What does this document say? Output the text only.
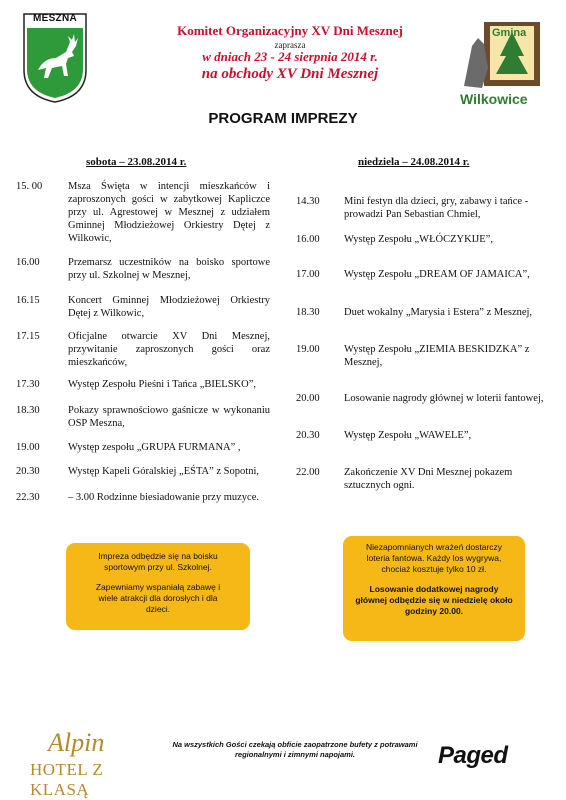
MESZNA
Komitet Organizacyjny XV Dni Mesznej
zaprasza
w dniach 23 - 24 sierpnia 2014 r.
na obchody XV Dni Mesznej
Gmina
Wilkowice
PROGRAM IMPREZY
sobota – 23.08.2014 r.	niedziela – 24.08.2014 r.
15. 00	Msza Święta w intencji mieszkańców i zaproszonych gości w zabytkowej Kapliczce przy ul. Agrestowej w Mesznej z udziałem Gminnej Młodzieżowej Orkiestry Dętej z Wilkowic,
16.00	Przemarsz uczestników na boisko sportowe przy ul. Szkolnej w Mesznej,
16.15	Koncert Gminnej Młodzieżowej Orkiestry Dętej z Wilkowic,
17.15	Oficjalne otwarcie XV Dni Mesznej, przywitanie zaproszonych gości oraz mieszkańców,
17.30	Występ Zespołu Pieśni i Tańca „BIELSKO”,
18.30	Pokazy sprawnościowo gaśnicze w wykonaniu OSP Meszna,
19.00	Występ zespołu „GRUPA FURMANA” ,
20.30	Występ Kapeli Góralskiej „EŚTA” z Sopotni,
22.30	– 3.00 Rodzinne biesiadowanie przy muzyce.
14.30	Mini festyn dla dzieci, gry, zabawy i tańce - prowadzi Pan Sebastian Chmiel,
16.00	Występ Zespołu „WŁÓCZYKIJE”,
17.00	Występ Zespołu „DREAM OF JAMAICA”,
18.30	Duet wokalny „Marysia i Estera” z Mesznej,
19.00	Występ Zespołu „ZIEMIA BESKIDZKA” z Mesznej,
20.00	Losowanie nagrody głównej w loterii fantowej,
20.30	Występ Zespołu „WAWELE”,
22.00	Zakończenie XV Dni Mesznej pokazem sztucznych ogni.

Impreza odbędzie się na boisku sportowym przy ul. Szkolnej.

Zapewniamy wspaniałą zabawę i wiele atrakcji dla dorosłych i dla dzieci.

Niezapomnianych wrażeń dostarczy loteria fantowa. Każdy los wygrywa, chociaż kosztuje tylko 10 zł.

Losowanie dodatkowej nagrody głównej odbędzie się w niedzielę około godziny 20.00.

Alpin
HOTEL Z KLASĄ
Na wszystkich Gości czekają obficie zaopatrzone bufety z potrawami regionalnymi i zimnymi napojami.	Paged
